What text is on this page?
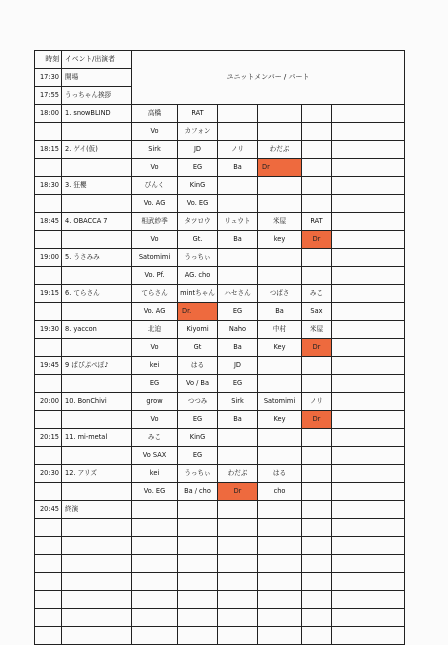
時刻	イベント/出演者	ユニットメンバー / パート					
17:30	開場						
17:55	うっちゃん挨拶						
18:00	1. snowBLIND	高橋	RAT				
		Vo	カフォン				
18:15	2. ゲイ(仮)	Sirk	JD	ノリ	わだぶ		
		Vo	EG	Ba	Dr		
18:30	3. 狂櫻	びんく	KinG				
		Vo. AG	Vo. EG				
18:45	4. OBACCA 7	相武紗季	タツロウ	リュウト	米屋	RAT	
		Vo	Gt.	Ba	key	Dr	
19:00	5. うさみみ	Satomimi	うっちぃ				
		Vo. Pf.	AG. cho				
19:15	6. てらさん	てらさん	mintちゃん	ハセさん	つばさ	みこ	
		Vo. AG	Dr.	EG	Ba	Sax	
19:30	8. yaccon	北迫	Kiyomi	Naho	中村	米屋	
		Vo	Gt	Ba	Key	Dr	
19:45	9 ぱぴぷぺぽ♪	kei	はる	JD			
		EG	Vo / Ba	EG			
20:00	10. BonChivi	grow	つつみ	Sirk	Satomimi	ノリ	
		Vo	EG	Ba	Key	Dr	
20:15	11. mi-metal	みこ	KinG				
		Vo SAX	EG				
20:30	12. アリズ	kei	うっちぃ	わだぶ	はる		
		Vo. EG	Ba / cho	Dr	cho		
20:45	終演						
